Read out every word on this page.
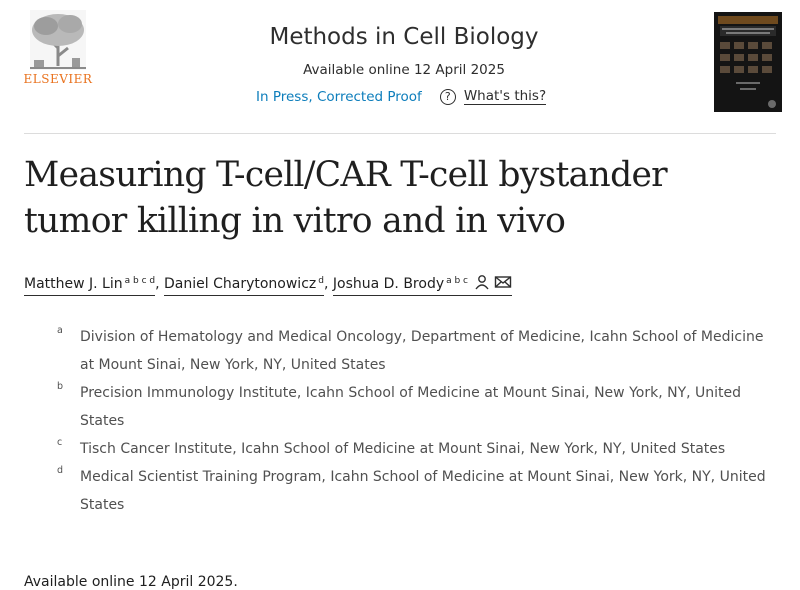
ELSEVIER
Methods in Cell Biology
Available online 12 April 2025
In Press, Corrected Proof	? What's this?
Measuring T-cell/CAR T-cell bystander
tumor killing in vitro and in vivo
Matthew J. Lin $^{a b c d}$, Daniel Charytonowicz $^d$, Joshua D. Brody $^{a b c}$
a Division of Hematology and Medical Oncology, Department of Medicine, Icahn School of Medicine at Mount Sinai, New York, NY, United States
b Precision Immunology Institute, Icahn School of Medicine at Mount Sinai, New York, NY, United States
c Tisch Cancer Institute, Icahn School of Medicine at Mount Sinai, New York, NY, United States
d Medical Scientist Training Program, Icahn School of Medicine at Mount Sinai, New York, NY, United States
Available online 12 April 2025.
